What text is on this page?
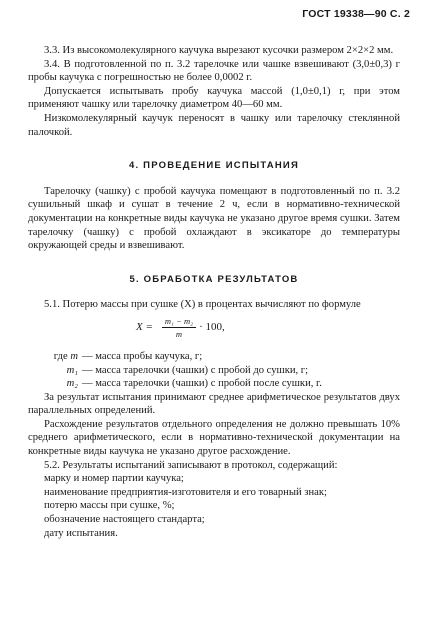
ГОСТ 19338—90 С. 2

3.3. Из высокомолекулярного каучука вырезают кусочки размером 2×2×2 мм.

3.4. В подготовленной по п. 3.2 тарелочке или чашке взвешивают (3,0±0,3) г пробы каучука с погрешностью не более 0,0002 г.

Допускается испытывать пробу каучука массой (1,0±0,1) г, при этом применяют чашку или тарелочку диаметром 40—60 мм.

Низкомолекулярный каучук переносят в чашку или тарелочку стеклянной палочкой.

4. ПРОВЕДЕНИЕ ИСПЫТАНИЯ

Тарелочку (чашку) с пробой каучука помещают в подготовленный по п. 3.2 сушильный шкаф и сушат в течение 2 ч, если в нормативно-технической документации на конкретные виды каучука не указано другое время сушки. Затем тарелочку (чашку) с пробой охлаждают в эксикаторе до температуры окружающей среды и взвешивают.

5. ОБРАБОТКА РЕЗУЛЬТАТОВ

5.1. Потерю массы при сушке (X) в процентах вычисляют по формуле

$X = \frac{\text{m₁ − m₂}}{m} \cdot 100$,
где m — масса пробы каучука, г;
m₁ — масса тарелочки (чашки) с пробой до сушки, г;
m₂ — масса тарелочки (чашки) с пробой после сушки, г.

За результат испытания принимают среднее арифметическое результатов двух параллельных определений.

Расхождение результатов отдельного определения не должно превышать 10% среднего арифметического, если в нормативно-технической документации на конкретные виды каучука не указано другое расхождение.

5.2. Результаты испытаний записывают в протокол, содержащий:

марку и номер партии каучука;

наименование предприятия-изготовителя и его товарный знак;

потерю массы при сушке, %;

обозначение настоящего стандарта;

дату испытания.
